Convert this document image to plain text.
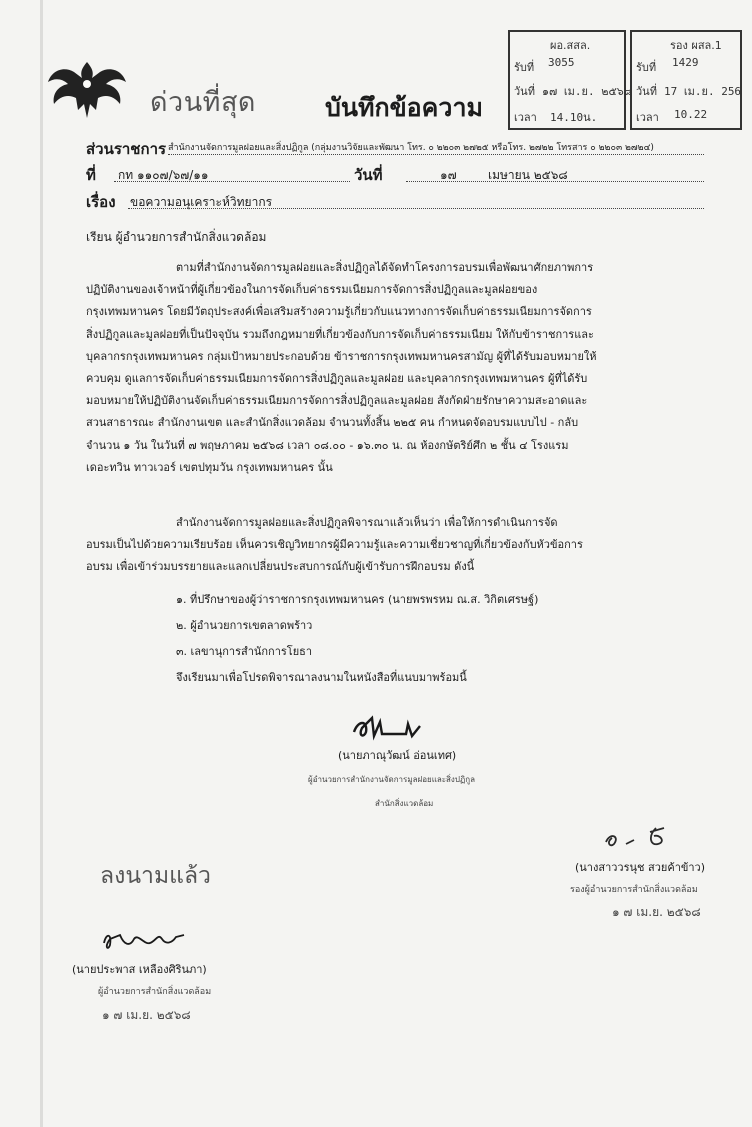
ด่วนที่สุด	บันทึกข้อความ
ผอ.สสล.
รับที่ 3055
วันที่ ๑๗ เม.ย. ๒๕๖๘
เวลา 14.10น.
รอง ผสล.1
รับที่ 1429
วันที่ 17 เม.ย. 256
เวลา 10.22
ส่วนราชการ สำนักงานจัดการมูลฝอยและสิ่งปฏิกูล (กลุ่มงานวิจัยและพัฒนา โทร. ๐ ๒๒๐๓ ๒๗๒๕ หรือโทร. ๒๗๒๒ โทรสาร ๐ ๒๒๐๓ ๒๗๒๔)
ที่ กท ๑๑๐๗/๖๗/๑๑	วันที่	๑๗	เมษายน ๒๕๖๘
เรื่อง ขอความอนุเคราะห์วิทยากร
เรียน ผู้อำนวยการสำนักสิ่งแวดล้อม
ตามที่สำนักงานจัดการมูลฝอยและสิ่งปฏิกูลได้จัดทำโครงการอบรมเพื่อพัฒนาศักยภาพการ
ปฏิบัติงานของเจ้าหน้าที่ผู้เกี่ยวข้องในการจัดเก็บค่าธรรมเนียมการจัดการสิ่งปฏิกูลและมูลฝอยของ
กรุงเทพมหานคร โดยมีวัตถุประสงค์เพื่อเสริมสร้างความรู้เกี่ยวกับแนวทางการจัดเก็บค่าธรรมเนียมการจัดการ
สิ่งปฏิกูลและมูลฝอยที่เป็นปัจจุบัน รวมถึงกฎหมายที่เกี่ยวข้องกับการจัดเก็บค่าธรรมเนียม ให้กับข้าราชการและ
บุคลากรกรุงเทพมหานคร กลุ่มเป้าหมายประกอบด้วย ข้าราชการกรุงเทพมหานครสามัญ ผู้ที่ได้รับมอบหมายให้
ควบคุม ดูแลการจัดเก็บค่าธรรมเนียมการจัดการสิ่งปฏิกูลและมูลฝอย และบุคลากรกรุงเทพมหานคร ผู้ที่ได้รับ
มอบหมายให้ปฏิบัติงานจัดเก็บค่าธรรมเนียมการจัดการสิ่งปฏิกูลและมูลฝอย สังกัดฝ่ายรักษาความสะอาดและ
สวนสาธารณะ สำนักงานเขต และสำนักสิ่งแวดล้อม จำนวนทั้งสิ้น ๒๒๕ คน กำหนดจัดอบรมแบบไป - กลับ
จำนวน ๑ วัน ในวันที่ ๗ พฤษภาคม ๒๕๖๘ เวลา ๐๘.๐๐ - ๑๖.๓๐ น. ณ ห้องกษัตริย์ศึก ๒ ชั้น ๔ โรงแรม
เดอะทวิน ทาวเวอร์ เขตปทุมวัน กรุงเทพมหานคร นั้น
สำนักงานจัดการมูลฝอยและสิ่งปฏิกูลพิจารณาแล้วเห็นว่า เพื่อให้การดำเนินการจัด
อบรมเป็นไปด้วยความเรียบร้อย เห็นควรเชิญวิทยากรผู้มีความรู้และความเชี่ยวชาญที่เกี่ยวข้องกับหัวข้อการ
อบรม เพื่อเข้าร่วมบรรยายและแลกเปลี่ยนประสบการณ์กับผู้เข้ารับการฝึกอบรม ดังนี้
๑. ที่ปรึกษาของผู้ว่าราชการกรุงเทพมหานคร (นายพรพรหม ณ.ส. วิกิตเศรษฐ์)
๒. ผู้อำนวยการเขตลาดพร้าว
๓. เลขานุการสำนักการโยธา
จึงเรียนมาเพื่อโปรดพิจารณาลงนามในหนังสือที่แนบมาพร้อมนี้
(นายภาณุวัฒน์ อ่อนเทศ)
ผู้อำนวยการสำนักงานจัดการมูลฝอยและสิ่งปฏิกูล
สำนักสิ่งแวดล้อม
ลงนามแล้ว	(นางสาววรนุช สวยค้าข้าว)
รองผู้อำนวยการสำนักสิ่งแวดล้อม
๑ ๗ เม.ย. ๒๕๖๘
(นายประพาส เหลืองศิรินภา)
ผู้อำนวยการสำนักสิ่งแวดล้อม
๑ ๗ เม.ย. ๒๕๖๘
